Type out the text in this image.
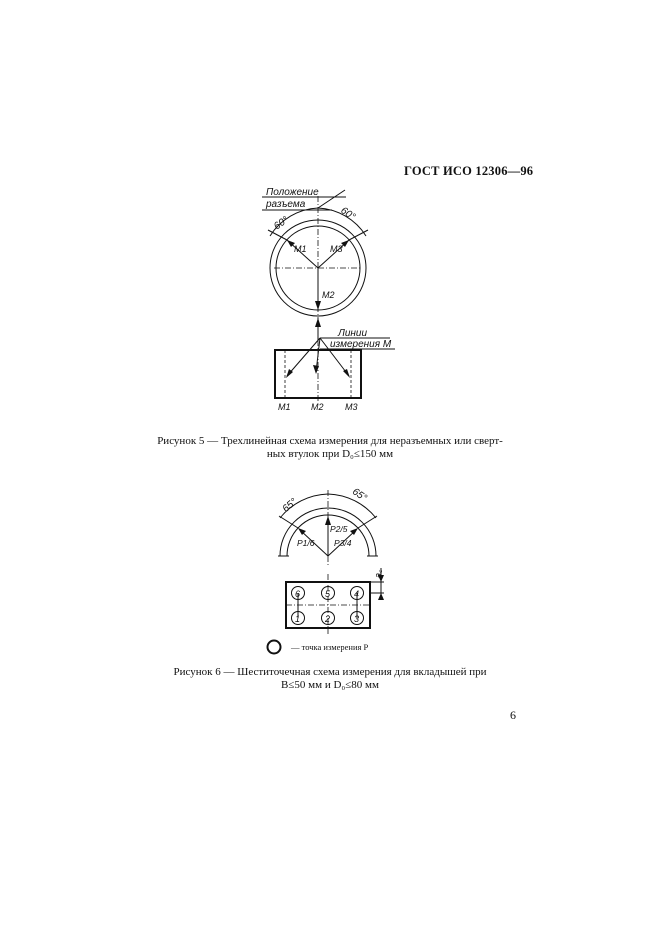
ГОСТ ИСО 12306—96
Положение
разъема
60°
60°
M1	M3
M2
Линии
измерения M
M1 M2 M3
65°
65°
P1/6
P2/5
P3/4
a꜀
6	5	4
1	2	3
— точка измерения P
Рисунок 5 — Трехлинейная схема измерения для неразъемных или сверт-
ных втулок при D₀≤150 мм
Рисунок 6 — Шеститочечная схема измерения для вкладышей при
B≤50 мм и D₀≤80 мм
6
